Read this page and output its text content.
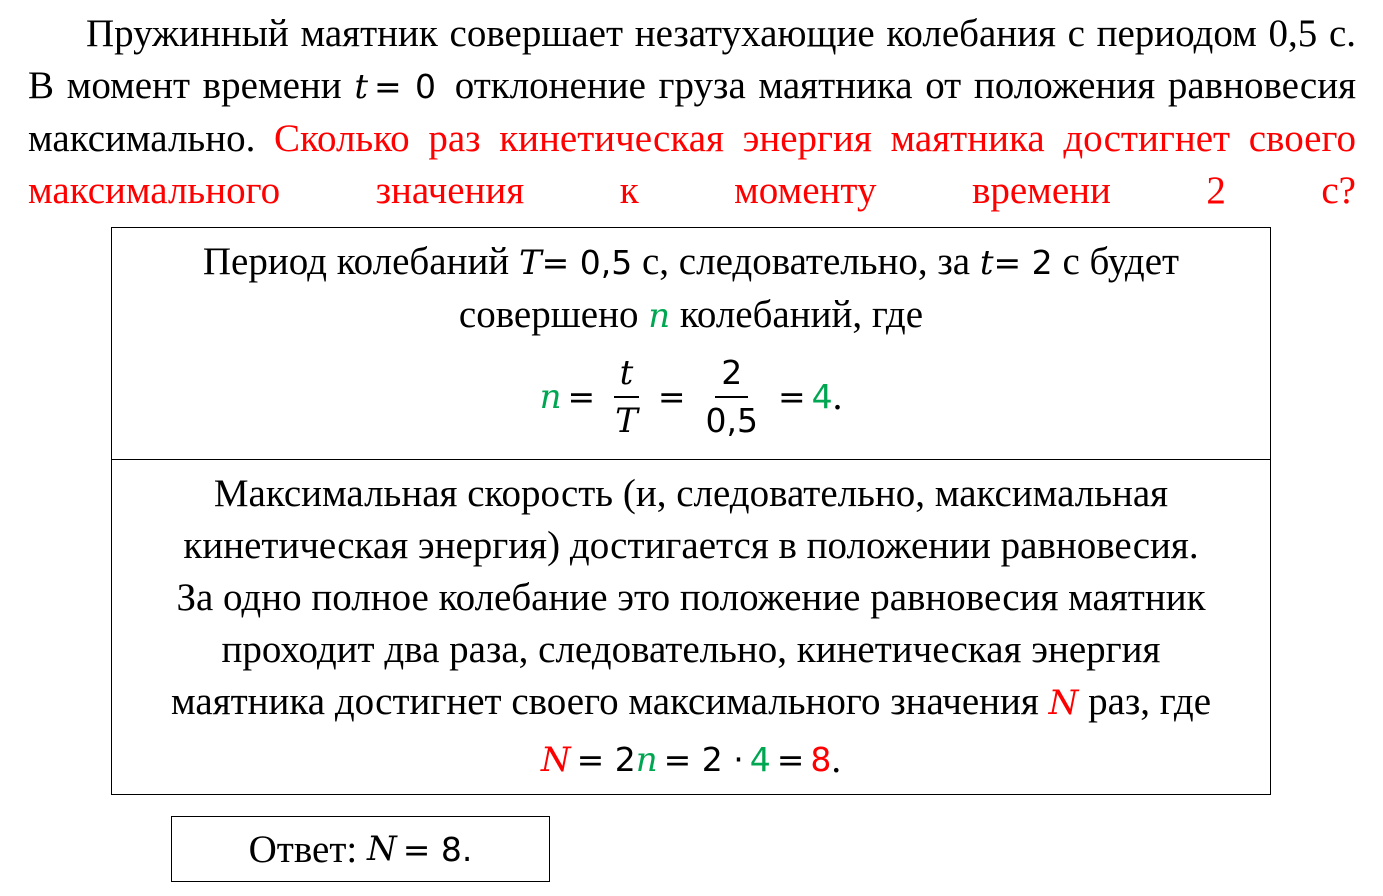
Пружинный маятник совершает незатухающие колебания с периодом 0,5 с. В момент времени t = 0 отклонение груза маятника от положения равновесия максимально. Сколько раз кинетическая энергия маятника достигнет своего максимального значения к моменту времени 2 с?
Период колебаний T= 0,5 с, следовательно, за t= 2 с будет
совершено n колебаний, где
$n = \frac{t}{T} = \frac{2}{0,5} = 4$ .
Максимальная скорость (и, следовательно, максимальная
кинетическая энергия) достигается в положении равновесия.
За одно полное колебание это положение равновесия маятник
проходит два раза, следовательно, кинетическая энергия
маятника достигнет своего максимального значения N раз, где
N = 2 n = 2 · 4 = 8 .
Ответ:
N = 8.
